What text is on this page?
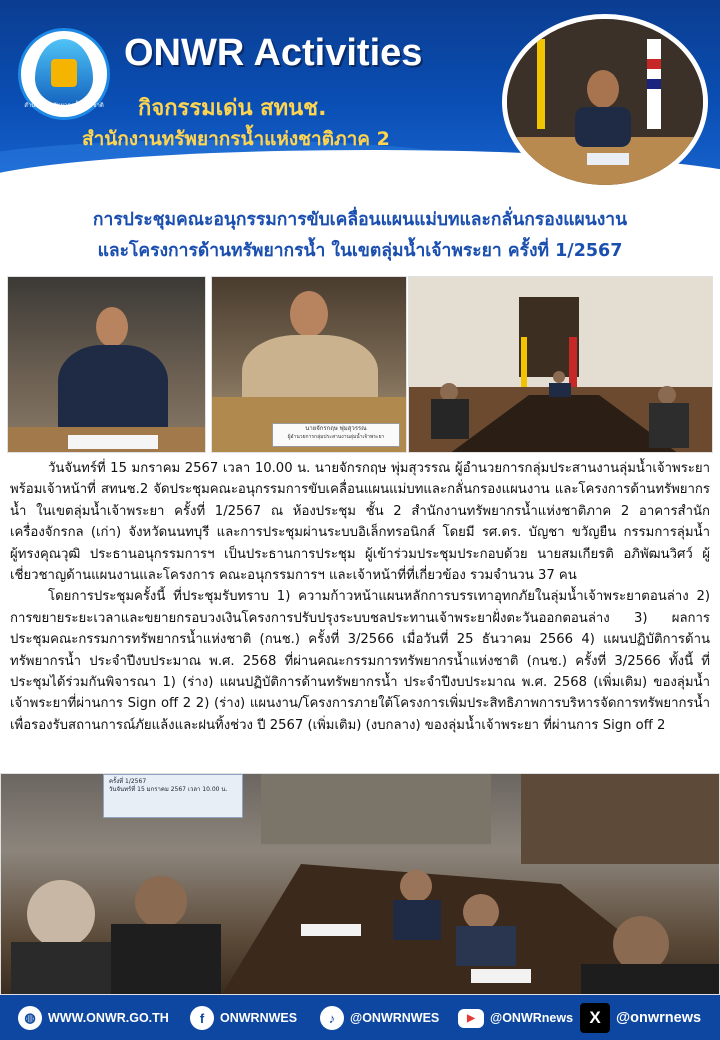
สำนักงานทรัพยากรน้ำแห่งชาติ
ONWR Activities
กิจกรรมเด่น สทนช.
สำนักงานทรัพยากรน้ำแห่งชาติภาค 2
การประชุมคณะอนุกรรมการขับเคลื่อนแผนแม่บทและกลั่นกรองแผนงาน
และโครงการด้านทรัพยากรน้ำ ในเขตลุ่มน้ำเจ้าพระยา ครั้งที่ 1/2567
นายจักรกฤษ พุ่มสุวรรณ
ผู้อำนวยการกลุ่มประสานงานลุ่มน้ำเจ้าพระยา

วันจันทร์ที่ 15 มกราคม 2567 เวลา 10.00 น. นายจักรกฤษ พุ่มสุวรรณ ผู้อำนวยการกลุ่มประสานงานลุ่มน้ำเจ้าพระยา พร้อมเจ้าหน้าที่ สทนช.2 จัดประชุมคณะอนุกรรมการขับเคลื่อนแผนแม่บทและกลั่นกรองแผนงาน และโครงการด้านทรัพยากรน้ำ ในเขตลุ่มน้ำเจ้าพระยา ครั้งที่ 1/2567 ณ ห้องประชุม ชั้น 2 สำนักงานทรัพยากรน้ำแห่งชาติภาค 2 อาคารสำนักเครื่องจักรกล (เก่า) จังหวัดนนทบุรี และการประชุมผ่านระบบอิเล็กทรอนิกส์ โดยมี รศ.ดร. บัญชา ขวัญยืน กรรมการลุ่มน้ำผู้ทรงคุณวุฒิ ประธานอนุกรรมการฯ เป็นประธานการประชุม ผู้เข้าร่วมประชุมประกอบด้วย นายสมเกียรติ อภิพัฒนวิศว์ ผู้เชี่ยวชาญด้านแผนงานและโครงการ คณะอนุกรรมการฯ และเจ้าหน้าที่ที่เกี่ยวข้อง รวมจำนวน 37 คน

โดยการประชุมครั้งนี้ ที่ประชุมรับทราบ 1) ความก้าวหน้าแผนหลักการบรรเทาอุทกภัยในลุ่มน้ำเจ้าพระยาตอนล่าง 2) การขยายระยะเวลาและขยายกรอบวงเงินโครงการปรับปรุงระบบชลประทานเจ้าพระยาฝั่งตะวันออกตอนล่าง 3) ผลการประชุมคณะกรรมการทรัพยากรน้ำแห่งชาติ (กนช.) ครั้งที่ 3/2566 เมื่อวันที่ 25 ธันวาคม 2566 4) แผนปฏิบัติการด้านทรัพยากรน้ำ ประจำปีงบประมาณ พ.ศ. 2568 ที่ผ่านคณะกรรมการทรัพยากรน้ำแห่งชาติ (กนช.) ครั้งที่ 3/2566 ทั้งนี้ ที่ประชุมได้ร่วมกันพิจารณา 1) (ร่าง) แผนปฏิบัติการด้านทรัพยากรน้ำ ประจำปีงบประมาณ พ.ศ. 2568 (เพิ่มเติม) ของลุ่มน้ำเจ้าพระยาที่ผ่านการ Sign off 2 2) (ร่าง) แผนงาน/โครงการภายใต้โครงการเพิ่มประสิทธิภาพการบริหารจัดการทรัพยากรน้ำเพื่อรองรับสถานการณ์ภัยแล้งและฝนทิ้งช่วง ปี 2567 (เพิ่มเติม) (งบกลาง) ของลุ่มน้ำเจ้าพระยา ที่ผ่านการ Sign off 2

ครั้งที่ 1/2567
วันจันทร์ที่ 15 มกราคม 2567 เวลา 10.00 น.
◍ WWW.ONWR.GO.TH	f	ONWRNWES	♪	@ONWRNWES	▶	@ONWRnews X	@onwrnews
